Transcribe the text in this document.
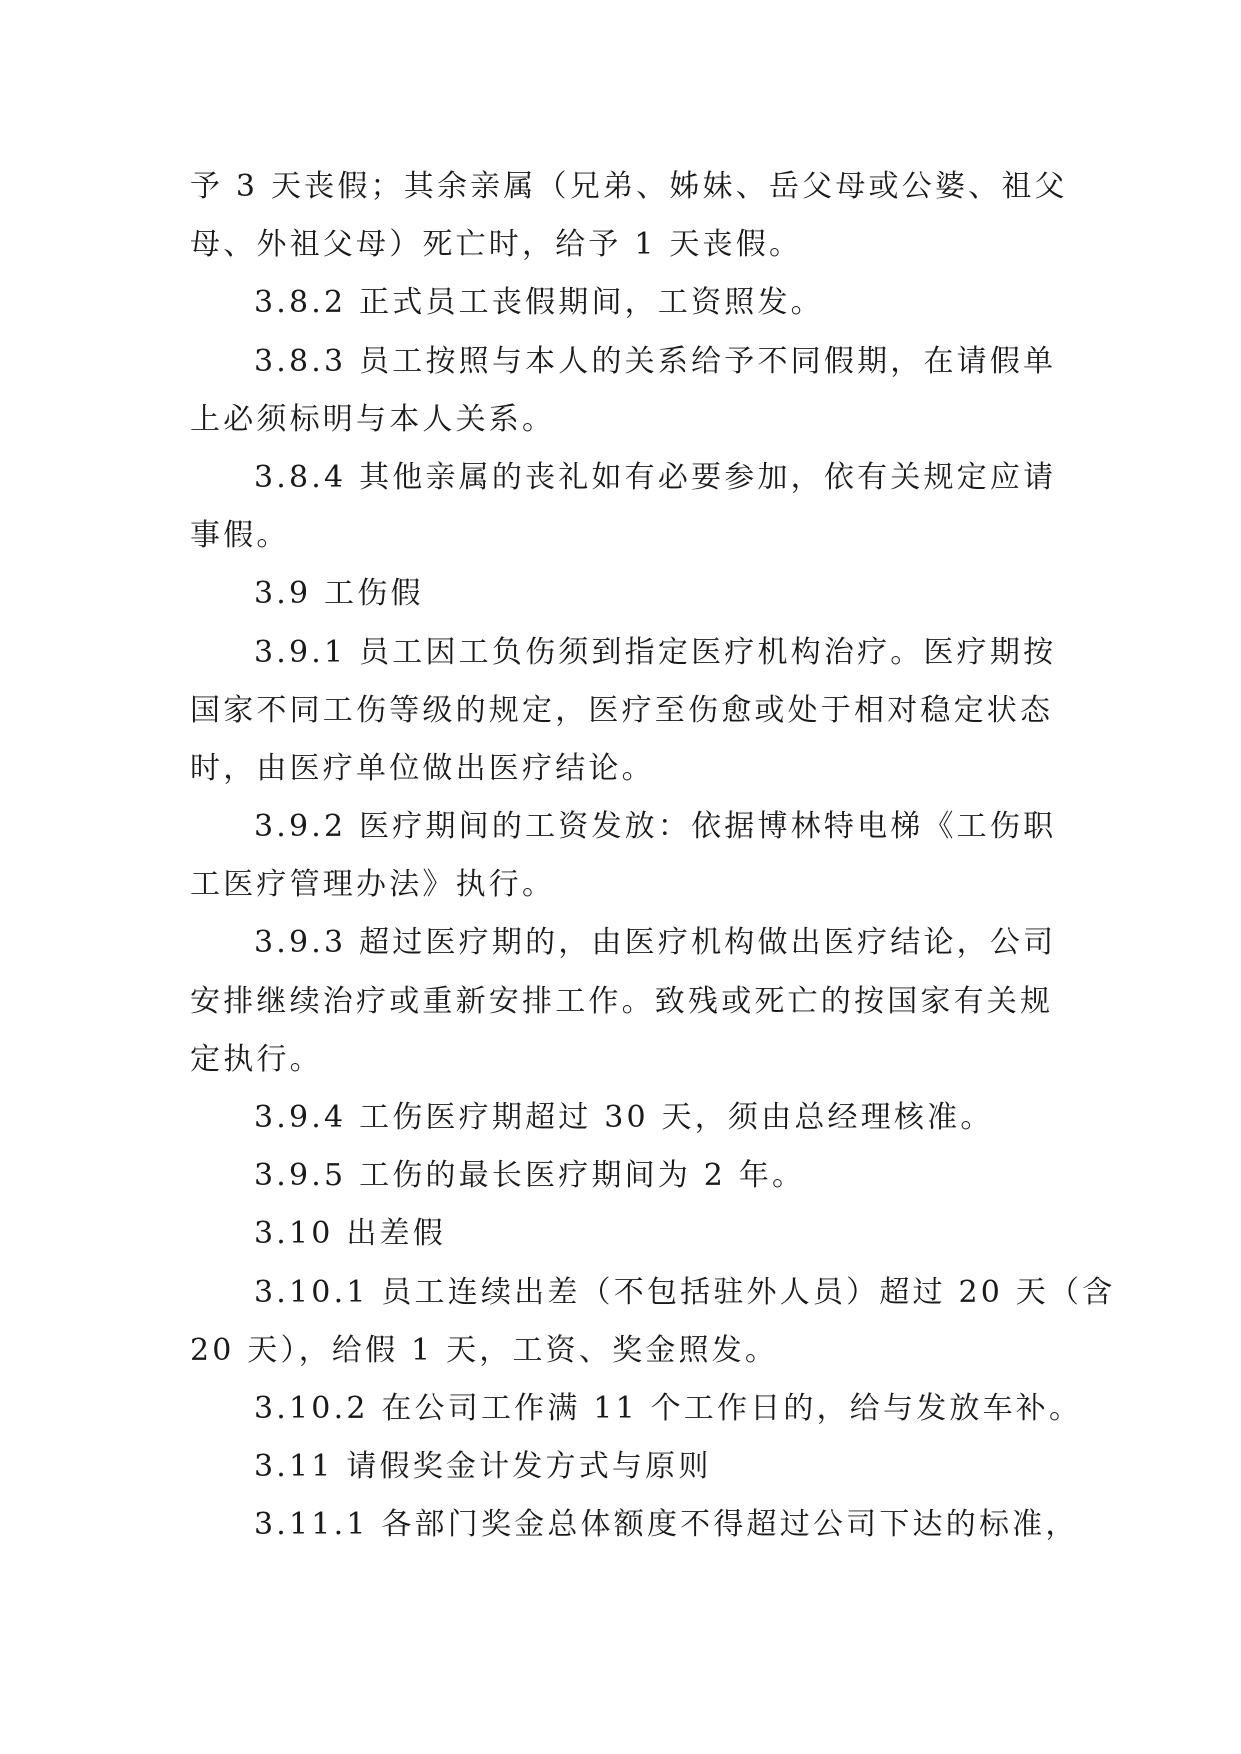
予 3 天丧假；其余亲属（兄弟、姊妹、岳父母或公婆、祖父
母、外祖父母）死亡时，给予 1 天丧假。
3.8.2 正式员工丧假期间，工资照发。
3.8.3 员工按照与本人的关系给予不同假期，在请假单
上必须标明与本人关系。
3.8.4 其他亲属的丧礼如有必要参加，依有关规定应请
事假。
3.9 工伤假
3.9.1 员工因工负伤须到指定医疗机构治疗。医疗期按
国家不同工伤等级的规定，医疗至伤愈或处于相对稳定状态
时，由医疗单位做出医疗结论。
3.9.2 医疗期间的工资发放：依据博林特电梯《工伤职
工医疗管理办法》执行。
3.9.3 超过医疗期的，由医疗机构做出医疗结论，公司
安排继续治疗或重新安排工作。致残或死亡的按国家有关规
定执行。
3.9.4 工伤医疗期超过 30 天，须由总经理核准。
3.9.5 工伤的最长医疗期间为 2 年。
3.10 出差假
3.10.1 员工连续出差（不包括驻外人员）超过 20 天（含
20 天），给假 1 天，工资、奖金照发。
3.10.2 在公司工作满 11 个工作日的，给与发放车补。
3.11 请假奖金计发方式与原则
3.11.1 各部门奖金总体额度不得超过公司下达的标准，
